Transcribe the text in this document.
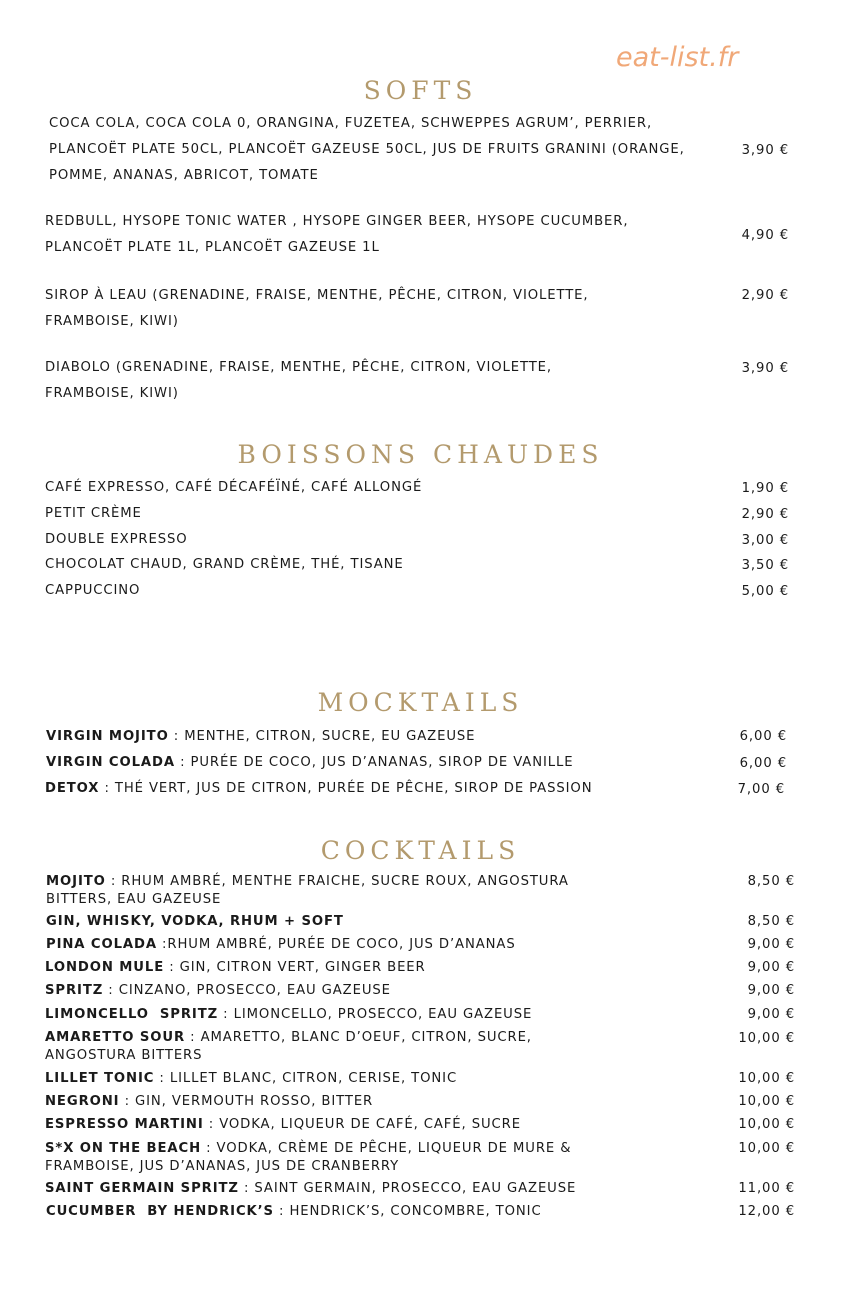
eat-list.fr
SOFTS
COCA COLA, COCA COLA 0, ORANGINA, FUZETEA, SCHWEPPES AGRUM’, PERRIER, PLANCOËT PLATE 50CL, PLANCOËT GAZEUSE 50CL, JUS DE FRUITS GRANINI (ORANGE, POMME, ANANAS, ABRICOT, TOMATE
3,90 €
REDBULL, HYSOPE TONIC WATER , HYSOPE GINGER BEER, HYSOPE CUCUMBER, PLANCOËT PLATE 1L, PLANCOËT GAZEUSE 1L
4,90 €
SIROP À LEAU (GRENADINE, FRAISE, MENTHE, PÊCHE, CITRON, VIOLETTE, FRAMBOISE, KIWI)
2,90 €
DIABOLO (GRENADINE, FRAISE, MENTHE, PÊCHE, CITRON, VIOLETTE, FRAMBOISE, KIWI)
3,90 €
BOISSONS CHAUDES
CAFÉ EXPRESSO, CAFÉ DÉCAFÉÏNÉ, CAFÉ ALLONGÉ	1,90 €
PETIT CRÈME	2,90 €
DOUBLE EXPRESSO	3,00 €
CHOCOLAT CHAUD, GRAND CRÈME, THÉ, TISANE	3,50 €
CAPPUCCINO	5,00 €
MOCKTAILS
VIRGIN MOJITO : MENTHE, CITRON, SUCRE, EU GAZEUSE	6,00 €
VIRGIN COLADA : PURÉE DE COCO, JUS D’ANANAS, SIROP DE VANILLE	6,00 €
DETOX : THÉ VERT, JUS DE CITRON, PURÉE DE PÊCHE, SIROP DE PASSION	7,00 €
COCKTAILS
MOJITO : RHUM AMBRÉ, MENTHE FRAICHE, SUCRE ROUX, ANGOSTURA BITTERS, EAU GAZEUSE
8,50 €
GIN, WHISKY, VODKA, RHUM + SOFT	8,50 €
PINA COLADA :RHUM AMBRÉ, PURÉE DE COCO, JUS D’ANANAS	9,00 €
LONDON MULE : GIN, CITRON VERT, GINGER BEER	9,00 €
SPRITZ : CINZANO, PROSECCO, EAU GAZEUSE	9,00 €
LIMONCELLO  SPRITZ : LIMONCELLO, PROSECCO, EAU GAZEUSE	9,00 €
AMARETTO SOUR : AMARETTO, BLANC D’OEUF, CITRON, SUCRE, ANGOSTURA BITTERS
10,00 €
LILLET TONIC : LILLET BLANC, CITRON, CERISE, TONIC	10,00 €
NEGRONI : GIN, VERMOUTH ROSSO, BITTER	10,00 €
ESPRESSO MARTINI : VODKA, LIQUEUR DE CAFÉ, CAFÉ, SUCRE	10,00 €
S*X ON THE BEACH : VODKA, CRÈME DE PÊCHE, LIQUEUR DE MURE & FRAMBOISE, JUS D’ANANAS, JUS DE CRANBERRY
10,00 €
SAINT GERMAIN SPRITZ : SAINT GERMAIN, PROSECCO, EAU GAZEUSE	11,00 €
CUCUMBER  BY HENDRICK’S : HENDRICK’S, CONCOMBRE, TONIC	12,00 €
